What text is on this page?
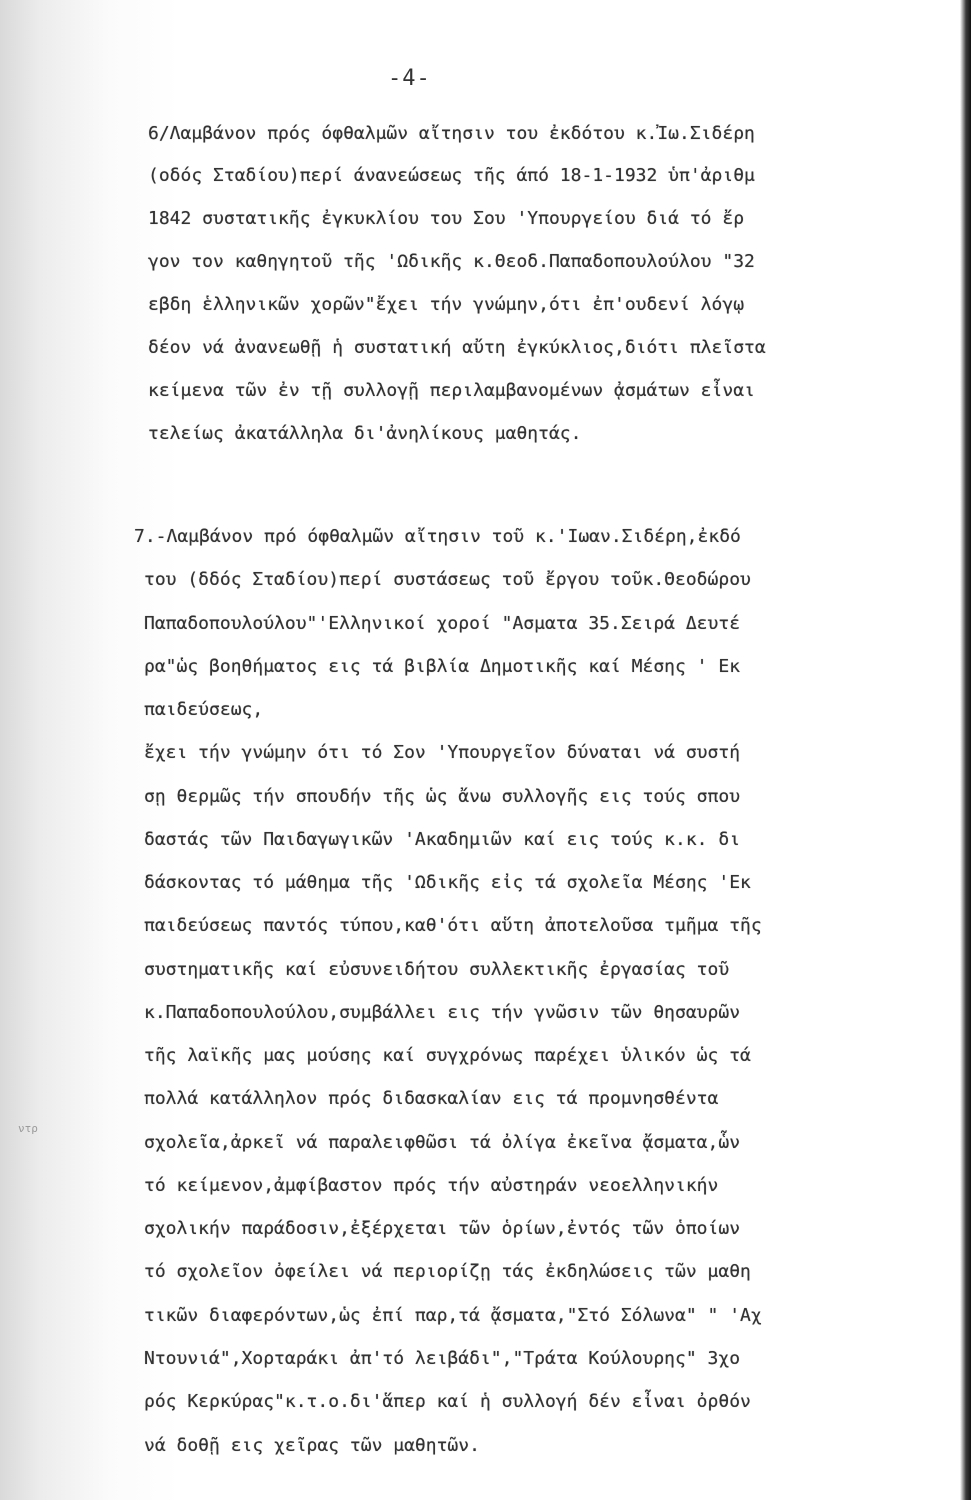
-4-
ντρ
6/Λαμβάνον πρός όφθαλμῶν αἴτησιν του ἐκδότου κ.Ἰω.Σιδέρη
(οδός Σταδίου)περί άνανεώσεως τῆς άπό 18-1-1932 ὑπ'ἀριθμ
1842 συστατικῆς ἐγκυκλίου του Σου 'Υπουργείου διά τό ἔρ
γον τον καθηγητοῦ τῆς 'Ωδικῆς κ.Θεοδ.Παπαδοπουλούλου "32
εβδη ἑλληνικῶν χορῶν"ἔχει τήν γνώμην,ότι ἐπ'ουδενί λόγῳ
δέον νά ἀνανεωθῇ ἡ συστατική αὔτη ἐγκύκλιος,διότι πλεῖστα
κείμενα τῶν ἐν τῇ συλλογῇ περιλαμβανομένων ᾀσμάτων εἶναι
τελείως ἀκατάλληλα δι'ἀνηλίκους μαθητάς.
7.-Λαμβάνον πρό όφθαλμῶν αἴτησιν τοῦ κ.'Ιωαν.Σιδέρη,ἐκδό
του (δδός Σταδίου)περί συστάσεως τοῦ ἔργου τοῦκ.Θεοδώρου
Παπαδοπουλούλου"'Ελληνικοί χοροί "Ασματα 35.Σειρά Δευτέ
ρα"ὡς βοηθήματος εις τά βιβλία Δημοτικῆς καί Μέσης ' Εκ
παιδεύσεως,
ἔχει τήν γνώμην ότι τό Σον 'Υπουργεῖον δύναται νά συστή
σῃ θερμῶς τήν σπουδήν τῆς ὡς ἄνω συλλογῆς εις τούς σπου
δαστάς τῶν Παιδαγωγικῶν 'Ακαδημιῶν καί εις τούς κ.κ. δι
δάσκοντας τό μάθημα τῆς 'Ωδικῆς εἰς τά σχολεῖα Μέσης 'Εκ
παιδεύσεως παντός τύπου,καθ'ότι αὕτη ἀποτελοῦσα τμῆμα τῆς
συστηματικῆς καί εὐσυνειδήτου συλλεκτικῆς ἐργασίας τοῦ
κ.Παπαδοπουλούλου,συμβάλλει εις τήν γνῶσιν τῶν θησαυρῶν
τῆς λαϊκῆς μας μούσης καί συγχρόνως παρέχει ὑλικόν ὡς τά
πολλά κατάλληλον πρός διδασκαλίαν εις τά προμνησθέντα
σχολεῖα,ἀρκεῖ νά παραλειφθῶσι τά ὀλίγα ἐκεῖνα ᾄσματα,ὧν
τό κείμενον,ἀμφίβαστον πρός τήν αὐστηράν νεοελληνικήν
σχολικήν παράδοσιν,ἐξέρχεται τῶν ὁρίων,ἐντός τῶν ὁποίων
τό σχολεῖον ὀφείλει νά περιορίζῃ τάς ἐκδηλώσεις τῶν μαθη
τικῶν διαφερόντων,ὡς ἐπί παρ,τά ᾄσματα,"Στό Σόλωνα" " 'Αχ
Ντουνιά",Χορταράκι ἀπ'τό λειβάδι","Τράτα Κούλουρης" 3χο
ρός Κερκύρας"κ.τ.ο.δι'ἅπερ καί ἡ συλλογή δέν εἶναι ὀρθόν
νά δοθῇ εις χεῖρας τῶν μαθητῶν.
